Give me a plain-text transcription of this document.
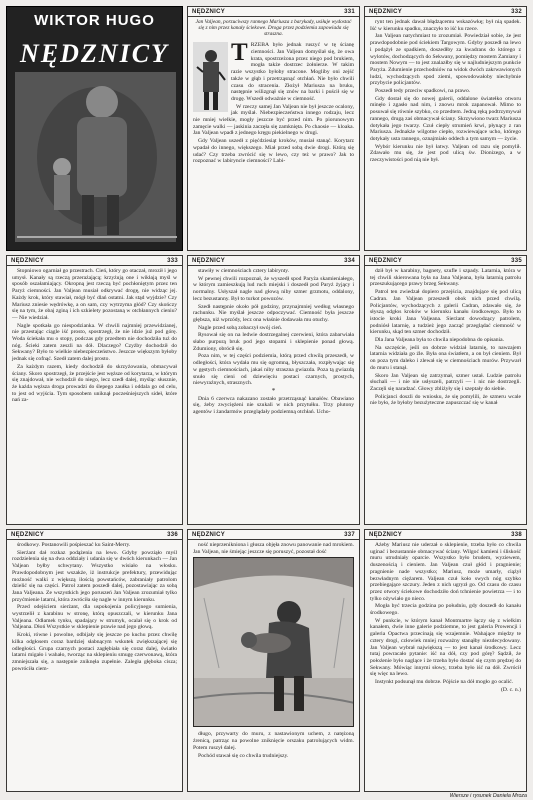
WIKTOR HUGO
NĘDZNICY
NĘDZNICY	331
Jan Valjean, porzuciwszy rannego Mariusza z barykady, usiłuje wydostać się z nim przez kanały ściekowe. Droga przez podziemia zapowiada się straszna.

TRZEBA było jednak ruszyć w tę ścianę ciemności. Jan Valjean domyślał się, że owa krata, spostrzeżona przez niego pod brukiem, mogła także dostrzec żołnierze. W takim razie wszystko byłoby stracone. Mogliby oni zejść także w głąb i przetrząsnąć otchłań. Nie było chwili czasu do stracenia. Złożył Mariusza na bruku, następnie wślizgnął się znów na barki i puścił się w drogę. Wszedł odważnie w ciemność.

W rzeczy samej Jan Valjean nie był jeszcze ocalony, jak myślał. Niebezpieczeństwa innego rodzaju, lecz nie mniej wielkie, mogły jeszcze być przed nim. Po piorunowym zamęcie walki — jaskinia zaczęła się zamknięta. Po chaosie — kloaka. Jan Valjean wpadł z jednego kręgu piekielnego w drugi.

Gdy Valjean uszedł z pięćdziesiąt kroków, musiał stanąć. Korytarz wpadał do innego, większego. Miał przed sobą dwie drogi. Którą się udać? Czy trzeba zwrócić się w lewo, czy też w prawo? Jak to rozpoznać w labiryncie ciemności? Labi-

NĘDZNICY	332

rynt ten jednak dawał błądzącemu wskazówkę; był nią spadek. Iść w kierunku spadku, znaczyło to iść ku rzece.

Jan Valjean natychmiast to zrozumiał. Powiedział sobie, że jest prawdopodobnie pod ściekiem Targowym. Gdyby poszedł na lewo i podążył ze spadkiem, doszedłby za kwadrans do którego z wylotów, dochodzących do Sekwany, pomiędzy mostem Zamiany i mostem Nowym — to jest znalazłby się w najludniejszym punkcie Paryża. Zdumienie przechodniów na widok dwóch zakrwawionych ludzi, wychodzących spod ziemi, spowodowałoby niechybnie przybycie policjantów.

Poszedł tedy przeciw spadkowi, na prawo.

Gdy dostał się do nowej galerii, oddalone światełko otworu minęło i zgasło nad nim, i znowu mrok zapanował. Mimo to posuwał się równie szybko, co przedtem. Jedną ręką podtrzymywał rannego, drugą zaś obmacywał ściany. Skrzywiono twarz Mariusza dotykała jego twarzy. Czuł ciepły strumień krwi, płynący z ran Mariusza. Jednakże wilgotne ciepło, rozwiewające ucho, którego dotykały usta rannego, oznajmiało oddech a tym samym — życie.

Wybór kierunku nie był łatwy. Valjean od razu się pomylił. Zdawało mu się, że jest pod ulicą św. Dionizego, a w rzeczywistości pod nią nie był.

NĘDZNICY	333

Stopniowo ogarniał go przestrach. Cień, który go otaczał, mroził i jego umysł. Kanały są rzeczą przerażającą; krzyżują one i wikłają myśl w sposób oszałamiający. Okropną jest rzeczą być pochłoniętym przez ten Paryż ciemności. Jan Valjean musiał odkrywać drogę, nie widząc jej. Każdy krok, który stawiał, mógł być dlań ostatni. Jak stąd wyjdzie? Czy Mariusz zniesie wędrówkę, a on sam, czy wytrzyma głód? Czy skończy się na tym, że obaj zginą i ich szkielety pozostaną w otchłannych cieniu? — Nie wiedział.

Nagle spotkała go niespodzianka. W chwili najmniej przewidzianej, nie przestając ciągle iść prosto, spostrzegł, że nie idzie już pod górę. Woda ściekała mu o stopy, podczas gdy przedtem nie dochodziła tuż do nóg. Ścieki zatem zeszli na dół. Dlaczego? Czyżby dochodził do Sekwany? Było to wielkie niebezpieczeństwo. Jeszcze większym byłoby jednak się cofnąć. Szedł zatem dalej prosto.

Za każdym razem, kiedy dochodził do skrzyżowania, obmacywał ściany. Skoro spostrzegł, że przejście jest węższe od korytarza, w którym się znajdował, nie wchodził do niego, lecz szedł dalej, myśląc słusznie, że każda węższa droga prowadzi do ślepego zaułka i oddala go od celu, to jest od wyjścia. Tym sposobem uniknął pocześniejszych sideł, które nań za-

NĘDZNICY	334

stawiły w ciemnościach cztery labirynty.

W pewnej chwili rozpoznał, że wyszedł spod Paryża skamieniałego, w którym zamieszkują lud ruch miejski i doszedł pod Paryż żyjący i normalny. Usłyszał nagle nad głową niby szmer grzmotu, oddalony, lecz bezustanny. Był to turkot powozów.

Szedł następnie około pół godziny, przynajmniej według własnego rachunku. Nie myślał jeszcze odpoczywać. Ciemność była jeszcze głębsza, niż wprzódy, lecz ona właśnie dodawała mu otuchy.

Nagle przed sobą zobaczył swój cień.

Rysował się on na ledwie dostrzegalnej czerwieni, która zabarwiała słabo purpurą bruk pod jego stopami i sklepienie ponad głową. Zdumiony, obrócił się.

Poza nim, w tej części podziemia, którą przed chwilą przeszedł, w odległości, która wydała mu się ogromną, błyszczała, rozpływając się w gęstych ciemnościach, jakaś niby straszna gwiazda. Poza tą gwiazdą snuło się cieni od dziewięciu postaci czarnych, prostych, niewyraźnych, strasznych.

*

Dnia 6 czerwca nakazano zostało przetrząsnąć kanałów. Obawiano się, żeby zwyciężeni nie szukali w nich przytułku. Trzy plutony agentów i żandarmów przeglądały podziemną otchłań. Ucho-

NĘDZNICY	335

dził był w karabiny, bagnety, szufle i szpady. Latarnia, która w tej chwili skierowana była na Jana Valjeana, była latarnią patrolu przeszukującego prawy brzeg Sekwany.

Patrol ten zwiedzał dopiero przejścia, znajdujące się pod ulicą Cadran. Jan Valjean przeszedł obok nich przed chwilą. Policjantów, wychodzących z galerii Cadran, zdawało się, że słyszą odgłos kroków w kierunku kanału środkowego. Było to istocie kroki Jana Valjeana. Sierżant dowodzący patrolem, podniósł latarnię, a tudzież jego zacząć przeglądać ciemność w kierunku, skąd ten szmer dochodził.

Dla Jana Valjeana była to chwila niepodobna do opisania.

Na szczęście, jeśli on dobrze widział latarnię, to nawzajem latarnia widziała go źle. Była ona światłem, a on był cieniem. Był on poza tym daleko i zlewał się w ciemnościach murów. Przywarł do muru i stanął.

Skoro Jan Valjean się zatrzymał, szmer ustał. Ludzie patrolu słuchali — i nie nie usłyszeli, patrzyli — i nic nie dostrzegli. Zaczęli się naradzać. Głowy zbliżyły się i szeptały do siebie.

Policjanci doszli do wniosku, że się pomylili, że szmeru wcale nie było, że byłoby bezużyteczne zapuszczać się w kanał

NĘDZNICY	336

środkowy. Postanowili pośpieszać ku Saint-Merry.

Sierżant dał rozkaz podążenia na lewo. Gdyby powziąło myśl rozdzielenia się na dwa oddziały i udania się w dwóch kierunkach — Jan Valjean byłby schwytany. Wszystko wisiało na włosku. Prawdopodobnym jest wszakże, iż instrukcje prefektury, przewidując możność walki z większą ilością powstańców, zabraniały patrolom dzielić się na części. Patrol zatem poszedł dalej, pozostawiając za sobą Jana Valjeana. Ze wszystkich jego poruszeń Jan Valjean zrozumiał tylko przyćmienie latarni, która zwróciła się nagle w innym kierunku.

Przed odejściem sierżant, dla uspokojenia policyjnego sumienia, wystrzelił z karabinu w stronę, którą opuszczali, w kierunku Jana Valjeana. Odłamek tynku, spadający w strumyk, ocalał się o krok od Valjeana. Dłoń Wszystkie w sklepienie prawie nad jego głową.

Kroki, równe i powolne, odbijały się jeszcze po kuchu przez chwilę kilka odgłosem coraz bardziej słabnącym wskutek zwiększającej się odległości. Grupa czarnych postaci zagłębiała się coraz dalej, światło latarni migało i wahało, tworząc na sklepieniu smugę czerwonawą, która zmniejszała się, a następnie zniknęła zupełnie. Zaległa głęboka cisza; powróciła ciem-

NĘDZNICY	337

ność nieprzenikniona i głusza objęła znowu panowanie nad mrokiem. Jan Valjean, nie śmiejąc jeszcze się poruszyć, pozostał dość

długo, przywarty do muru, z nastawionym uchem, z natężoną źrenicą, patrząc na powolne zniknięcie orszaku patrolujących widm. Potem ruszył dalej.

Pochód stawał się co chwila trudniejszy.

NĘDZNICY	338

Ażeby Mariusz nie uderzał o sklepienie, trzeba było co chwila uginać i bezustannie obmacywać ściany. Wilgoć kamieni i śliskość muru utrudniały oparcie. Wszystko było brudem, wyziewem, duszenością i cieniem. Jan Valjean czuł głód i pragnienie; pragnienie nade wszystko; Mariusz, może umarły, ciążył bezwładnym ciężarem. Valjean czuł koło swych nóg szybko przebiegające szczury. Jeden z nich ugryzł go. Od czasu do czasu przez otwory ściekowe dochodziło doń tchnienie powietrza — i to tylko ożywiało go nieco.

Mogła być trzecia godzina po południu, gdy doszedł do kanału środkowego.

W punkcie, w którym kanał Montmartre łączy się z wielkim kanałem, dwie inne galerie podziemne, to jest galeria Prowencji i galeria Opactwa przecinają się wzajemnie. Wahające między te cztery drogi, człowiek mniej rozważny stanąłby niezdecydowany. Jan Valjean wybrał największą — to jest kanał środkowy. Lecz tutaj powracało pytanie: iść na dół, czy pod górę? Sądził, że położenie było naglące i że trzeba było dostać się czym prędzej do Sekwany. Mówiąc innymi słowy, trzeba było iść na dół. Zwrócił się więc na lewo.

Instynkt podsunął mu dobrze. Pójście na dół mogło go ocalić.

(D. c. n.)

Wiersze i rysunek Daniela Mroza
